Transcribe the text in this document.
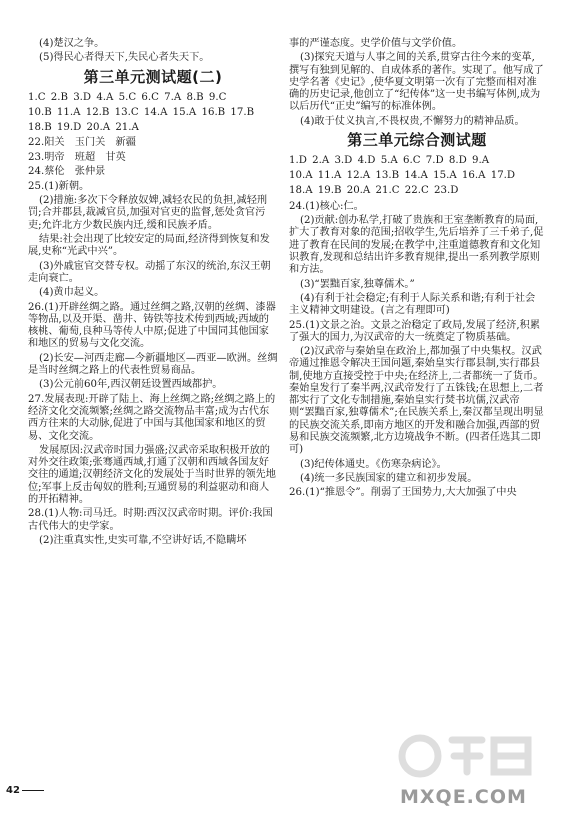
(4)楚汉之争。

(5)得民心者得天下,失民心者失天下。

第三单元测试题(二)

1.C 2.B 3.D 4.A 5.C 6.C 7.A 8.B 9.C

10.B 11.A 12.B 13.C 14.A 15.A 16.B 17.B

18.B 19.D 20.A 21.A

22.阳关　玉门关　新疆

23.明帝　班超　甘英

24.蔡伦　张仲景

25.(1)新朝。

(2)措施:多次下令释放奴婢,减轻农民的负担,减轻刑罚;合并郡县,裁减官员,加强对官吏的监督,惩处贪官污吏;允许北方少数民族内迁,缓和民族矛盾。

结果:社会出现了比较安定的局面,经济得到恢复和发展,史称“光武中兴”。

(3)外戚宦官交替专权。动摇了东汉的统治,东汉王朝走向衰亡。

(4)黄巾起义。

26.(1)开辟丝绸之路。通过丝绸之路,汉朝的丝绸、漆器等物品,以及开渠、凿井、铸铁等技术传到西域;西域的核桃、葡萄,良种马等传人中原;促进了中国同其他国家和地区的贸易与文化交流。

(2)长安—河西走廊—今新疆地区—西亚—欧洲。丝绸是当时丝绸之路上的代表性贸易商品。

(3)公元前60年,西汉朝廷设置西域都护。

27.发展表现:开辟了陆上、海上丝绸之路;丝绸之路上的经济文化交流频繁;丝绸之路交流物品丰富;成为古代东西方往来的大动脉,促进了中国与其他国家和地区的贸易、文化交流。

发展原因:汉武帝时国力强盛;汉武帝采取积极开放的对外交往政策;张骞通西域,打通了汉朝和西域各国友好交往的通道;汉朝经济文化的发展处于当时世界的领先地位;军事上反击匈奴的胜利;互通贸易的利益驱动和商人的开拓精神。

28.(1)人物:司马迁。时期:西汉汉武帝时期。评价:我国古代伟大的史学家。

(2)注重真实性,史实可靠,不空讲好话,不隐瞒坏

事的严谨态度。史学价值与文学价值。

(3)探究天道与人事之间的关系,贯穿古往今来的变革,撰写有独到见解的、自成体系的著作。实现了。他写成了史学名著《史记》,使华夏文明第一次有了完整而相对准确的历史记录,他创立了“纪传体”这一史书编写体例,成为以后历代“正史”编写的标准体例。

(4)敢于仗义执言,不畏权贵,不懈努力的精神品质。

第三单元综合测试题

1.D 2.A 3.D 4.D 5.A 6.C 7.D 8.D 9.A

10.A 11.A 12.A 13.B 14.A 15.A 16.A 17.D

18.A 19.B 20.A 21.C 22.C 23.D

24.(1)核心:仁。

(2)贡献:创办私学,打破了贵族和王室垄断教育的局面,扩大了教育对象的范围;招收学生,先后培养了三千弟子,促进了教育在民间的发展;在教学中,注重道德教育和文化知识教育,发现和总结出许多教育规律,提出一系列教学原则和方法。

(3)“罢黜百家,独尊儒术。”

(4)有利于社会稳定;有利于人际关系和谐;有利于社会主义精神文明建设。(言之有理即可)

25.(1)文景之治。文景之治稳定了政局,发展了经济,积累了强大的国力,为汉武帝的大一统奠定了物质基础。

(2)汉武帝与秦始皇在政治上,都加强了中央集权。汉武帝通过推恩令解决王国问题,秦始皇实行郡县制,实行郡县制,使地方直接受控于中央;在经济上,二者都统一了货币。秦始皇发行了秦半两,汉武帝发行了五铢钱;在思想上,二者都实行了文化专制措施,秦始皇实行焚书坑儒,汉武帝则“罢黜百家,独尊儒术”;在民族关系上,秦汉都呈现出明显的民族交流关系,即南方地区的开发和融合加强,西部的贸易和民族交流频繁,北方边境战争不断。(四者任选其二即可)

(3)纪传体通史。《伤寒杂病论》。

(4)统一多民族国家的建立和初步发展。

26.(1)“推恩令”。削弱了王国势力,大大加强了中央

42	MXQE.COM
